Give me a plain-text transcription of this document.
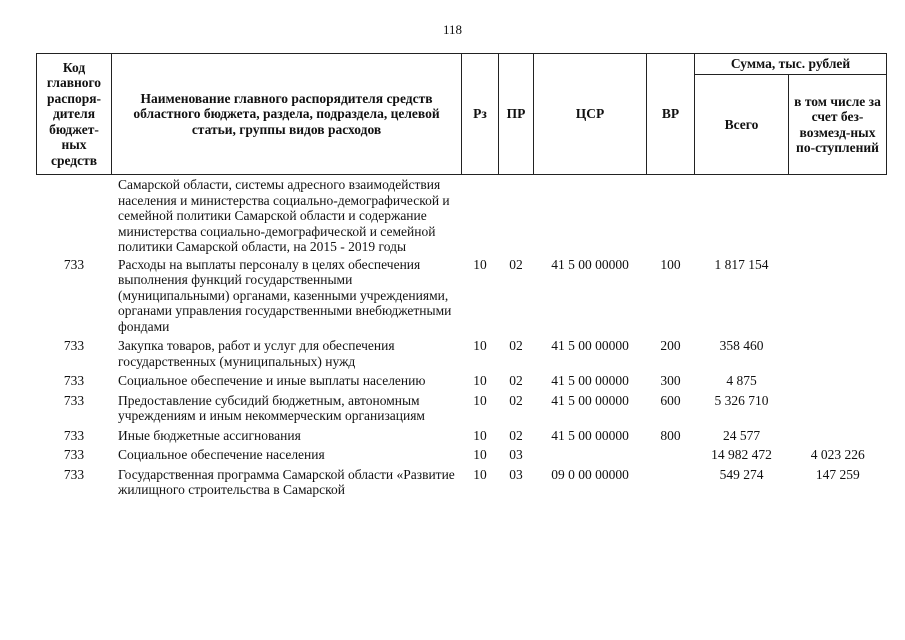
118
Код главного распоря-дителя бюджет-ных средств	Наименование главного распорядителя средств областного бюджета, раздела, подраздела, целевой статьи, группы видов расходов	Рз	ПР	ЦСР	ВР	Сумма, тыс. рублей	
						Всего	в том числе за счет без-возмезд-ных по-ступлений
	Самарской области, системы адресного взаимодействия населения и министерства социально-демографической и семейной политики Самарской области и содержание министерства социально-демографической и семейной политики Самарской области, на 2015 - 2019 годы						
733	Расходы на выплаты персоналу в целях обеспечения выполнения функций государственными (муниципальными) органами, казенными учреждениями, органами управления государственными внебюджетными фондами	10	02	41 5 00 00000	100	1 817 154	
733	Закупка товаров, работ и услуг для обеспечения государственных (муниципальных) нужд	10	02	41 5 00 00000	200	358 460	
733	Социальное обеспечение и иные выплаты населению	10	02	41 5 00 00000	300	4 875	
733	Предоставление субсидий бюджетным, автономным учреждениям и иным некоммерческим организациям	10	02	41 5 00 00000	600	5 326 710	
733	Иные бюджетные ассигнования	10	02	41 5 00 00000	800	24 577	
733	Социальное обеспечение населения	10	03			14 982 472	4 023 226
733	Государственная программа Самарской области «Развитие жилищного строительства в Самарской	10	03	09 0 00 00000		549 274	147 259
